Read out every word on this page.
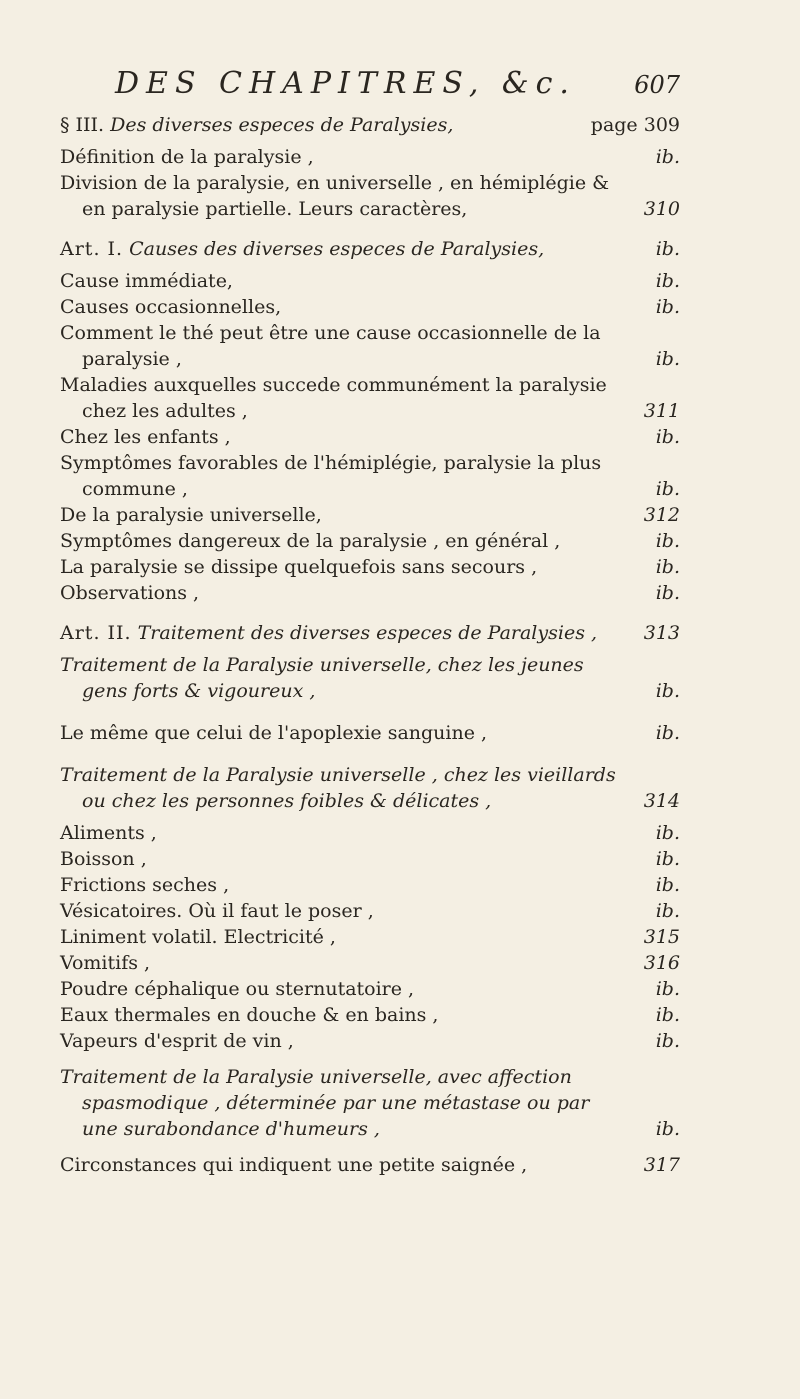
DES CHAPITRES, &c. 607
§ III. Des diverses especes de Paralysies,	page 309
Définition de la paralysie ,	ib.
Division de la paralysie, en universelle , en hémiplégie & en paralysie partielle. Leurs caractères,	310
Art. I. Causes des diverses especes de Paralysies,	ib.
Cause immédiate,	ib.
Causes occasionnelles,	ib.
Comment le thé peut être une cause occasionnelle de la paralysie ,	ib.
Maladies auxquelles succede communément la paralysie chez les adultes ,	311
Chez les enfants ,	ib.
Symptômes favorables de l'hémiplégie, paralysie la plus commune ,	ib.
De la paralysie universelle,	312
Symptômes dangereux de la paralysie , en général ,	ib.
La paralysie se dissipe quelquefois sans secours ,	ib.
Observations ,	ib.
Art. II. Traitement des diverses especes de Paralysies ,	313
Traitement de la Paralysie universelle, chez les jeunes gens forts & vigoureux ,	ib.
Le même que celui de l'apoplexie sanguine ,	ib.
Traitement de la Paralysie universelle , chez les vieillards ou chez les personnes foibles & délicates ,	314
Aliments ,	ib.
Boisson ,	ib.
Frictions seches ,	ib.
Vésicatoires. Où il faut le poser ,	ib.
Liniment volatil. Electricité ,	315
Vomitifs ,	316
Poudre céphalique ou sternutatoire ,	ib.
Eaux thermales en douche & en bains ,	ib.
Vapeurs d'esprit de vin ,	ib.
Traitement de la Paralysie universelle, avec affection spasmodique , déterminée par une métastase ou par une surabondance d'humeurs ,	ib.
Circonstances qui indiquent une petite saignée ,	317
